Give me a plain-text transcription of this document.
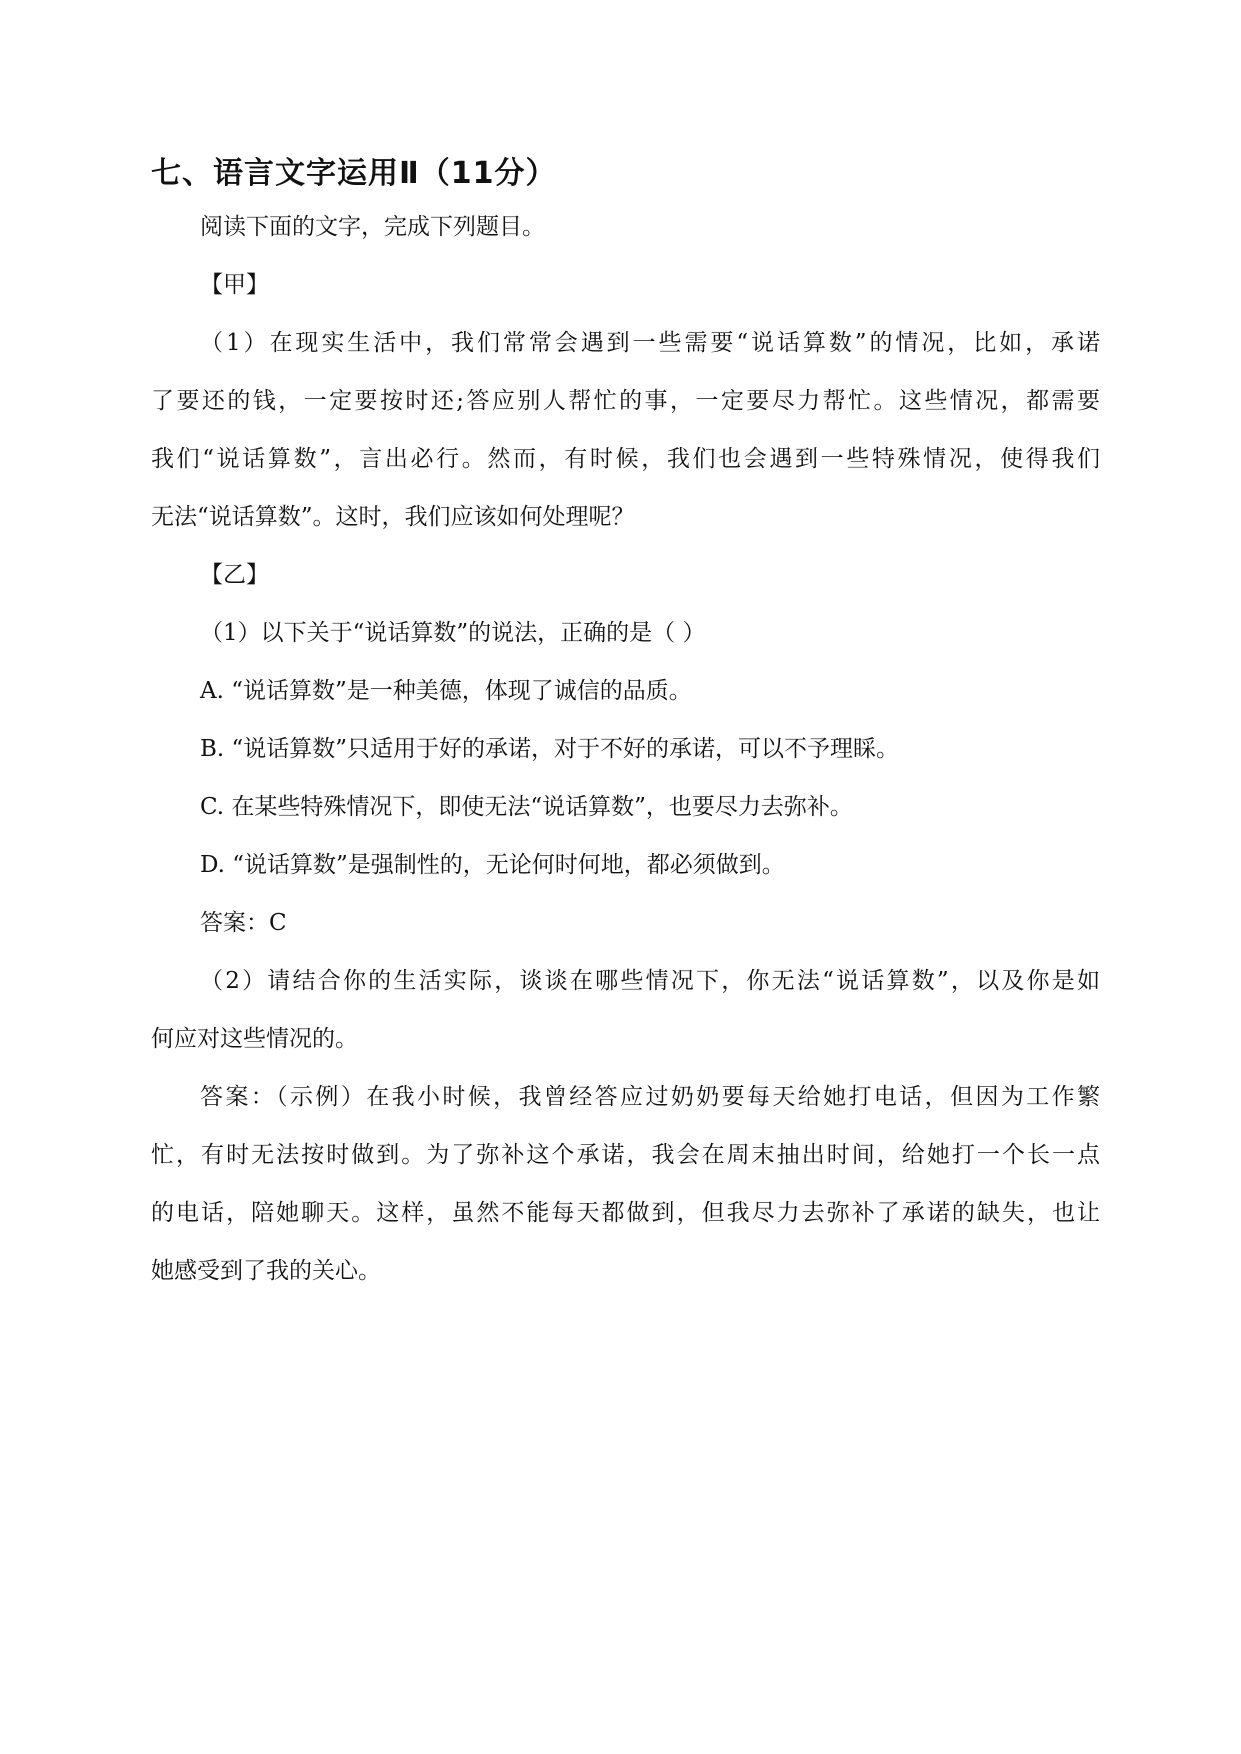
七、语言文字运用Ⅱ（11分）
阅读下面的文字，完成下列题目。
【甲】
（1）在现实生活中，我们常常会遇到一些需要“说话算数”的情况，比如，承诺
了要还的钱，一定要按时还;答应别人帮忙的事，一定要尽力帮忙。这些情况，都需要
我们“说话算数”，言出必行。然而，有时候，我们也会遇到一些特殊情况，使得我们
无法“说话算数”。这时，我们应该如何处理呢？
【乙】
（1）以下关于“说话算数”的说法，正确的是（ ）
A. “说话算数”是一种美德，体现了诚信的品质。
B. “说话算数”只适用于好的承诺，对于不好的承诺，可以不予理睬。
C. 在某些特殊情况下，即使无法“说话算数”，也要尽力去弥补。
D. “说话算数”是强制性的，无论何时何地，都必须做到。
答案：C
（2）请结合你的生活实际，谈谈在哪些情况下，你无法“说话算数”，以及你是如
何应对这些情况的。
答案：（示例）在我小时候，我曾经答应过奶奶要每天给她打电话，但因为工作繁
忙，有时无法按时做到。为了弥补这个承诺，我会在周末抽出时间，给她打一个长一点
的电话，陪她聊天。这样，虽然不能每天都做到，但我尽力去弥补了承诺的缺失，也让
她感受到了我的关心。
